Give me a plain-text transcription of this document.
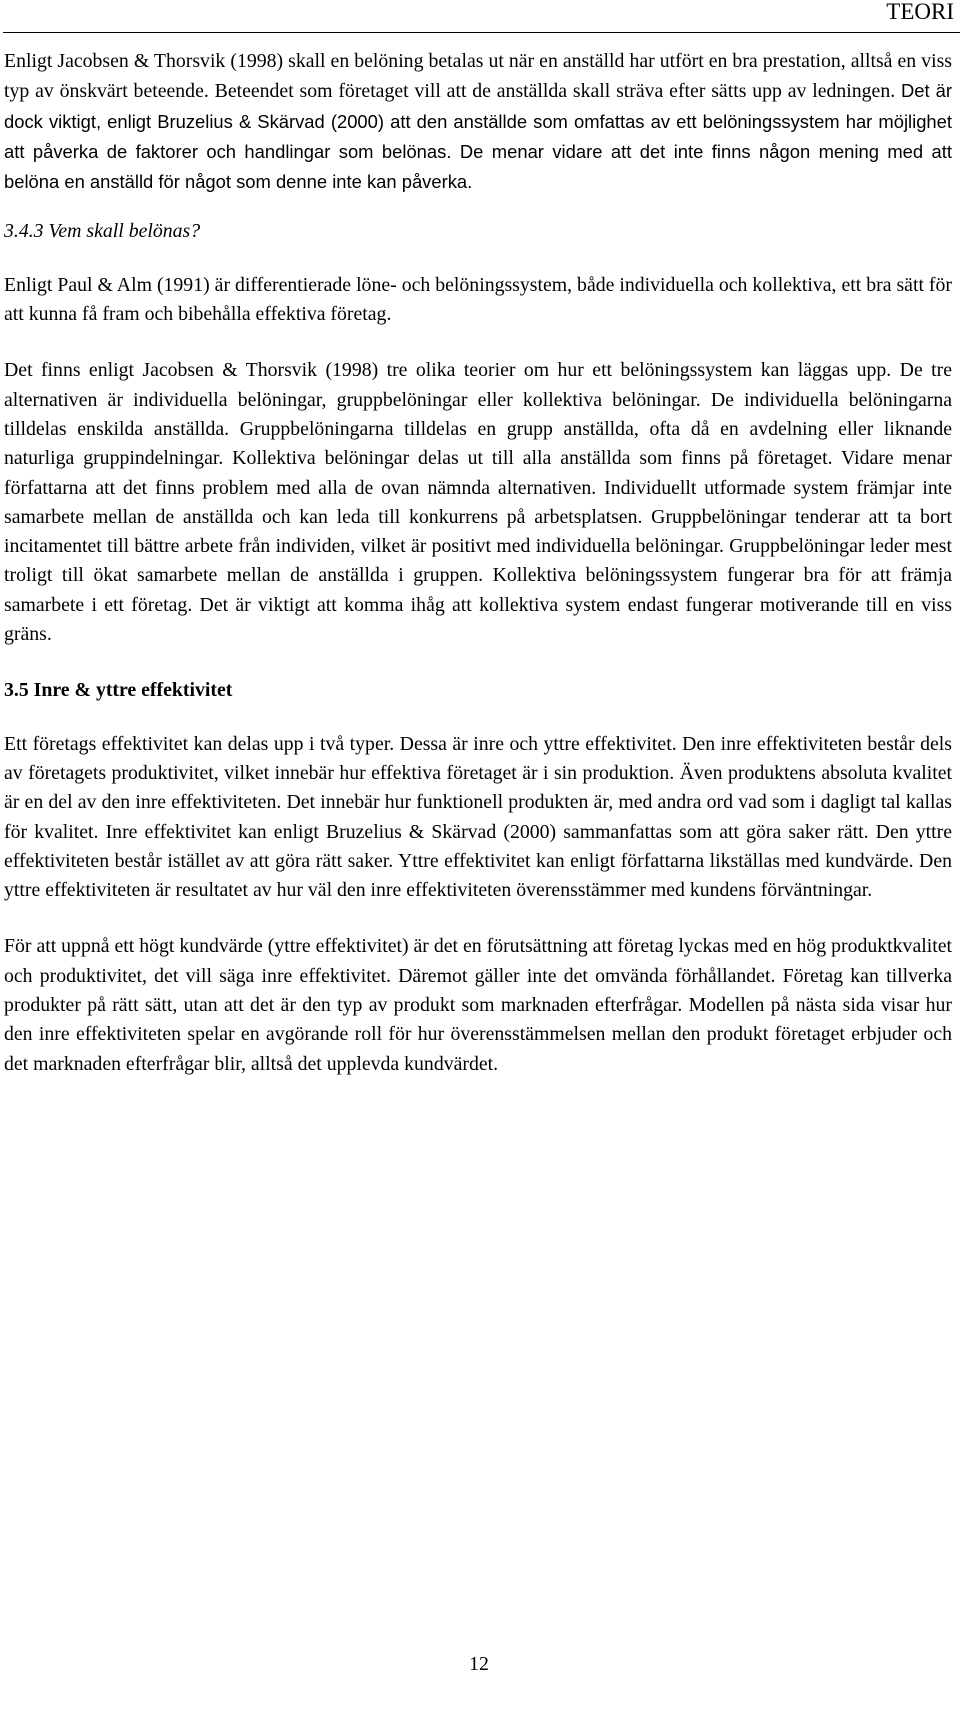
TEORI

Enligt Jacobsen & Thorsvik (1998) skall en belöning betalas ut när en anställd har utfört en bra prestation, alltså en viss typ av önskvärt beteende. Beteendet som företaget vill att de anställda skall sträva efter sätts upp av ledningen. Det är dock viktigt, enligt Bruzelius & Skärvad (2000) att den anställde som omfattas av ett belöningssystem har möjlighet att påverka de faktorer och handlingar som belönas. De menar vidare att det inte finns någon mening med att belöna en anställd för något som denne inte kan påverka.

3.4.3 Vem skall belönas?

Enligt Paul & Alm (1991) är differentierade löne- och belöningssystem, både individuella och kollektiva, ett bra sätt för att kunna få fram och bibehålla effektiva företag.

Det finns enligt Jacobsen & Thorsvik (1998) tre olika teorier om hur ett belöningssystem kan läggas upp. De tre alternativen är individuella belöningar, gruppbelöningar eller kollektiva belöningar. De individuella belöningarna tilldelas enskilda anställda. Gruppbelöningarna tilldelas en grupp anställda, ofta då en avdelning eller liknande naturliga gruppindelningar. Kollektiva belöningar delas ut till alla anställda som finns på företaget. Vidare menar författarna att det finns problem med alla de ovan nämnda alternativen. Individuellt utformade system främjar inte samarbete mellan de anställda och kan leda till konkurrens på arbetsplatsen. Gruppbelöningar tenderar att ta bort incitamentet till bättre arbete från individen, vilket är positivt med individuella belöningar. Gruppbelöningar leder mest troligt till ökat samarbete mellan de anställda i gruppen. Kollektiva belöningssystem fungerar bra för att främja samarbete i ett företag. Det är viktigt att komma ihåg att kollektiva system endast fungerar motiverande till en viss gräns.

3.5 Inre & yttre effektivitet

Ett företags effektivitet kan delas upp i två typer. Dessa är inre och yttre effektivitet. Den inre effektiviteten består dels av företagets produktivitet, vilket innebär hur effektiva företaget är i sin produktion. Även produktens absoluta kvalitet är en del av den inre effektiviteten. Det innebär hur funktionell produkten är, med andra ord vad som i dagligt tal kallas för kvalitet. Inre effektivitet kan enligt Bruzelius & Skärvad (2000) sammanfattas som att göra saker rätt. Den yttre effektiviteten består istället av att göra rätt saker. Yttre effektivitet kan enligt författarna likställas med kundvärde. Den yttre effektiviteten är resultatet av hur väl den inre effektiviteten överensstämmer med kundens förväntningar.

För att uppnå ett högt kundvärde (yttre effektivitet) är det en förutsättning att företag lyckas med en hög produktkvalitet och produktivitet, det vill säga inre effektivitet. Däremot gäller inte det omvända förhållandet. Företag kan tillverka produkter på rätt sätt, utan att det är den typ av produkt som marknaden efterfrågar. Modellen på nästa sida visar hur den inre effektiviteten spelar en avgörande roll för hur överensstämmelsen mellan den produkt företaget erbjuder och det marknaden efterfrågar blir, alltså det upplevda kundvärdet.

12
